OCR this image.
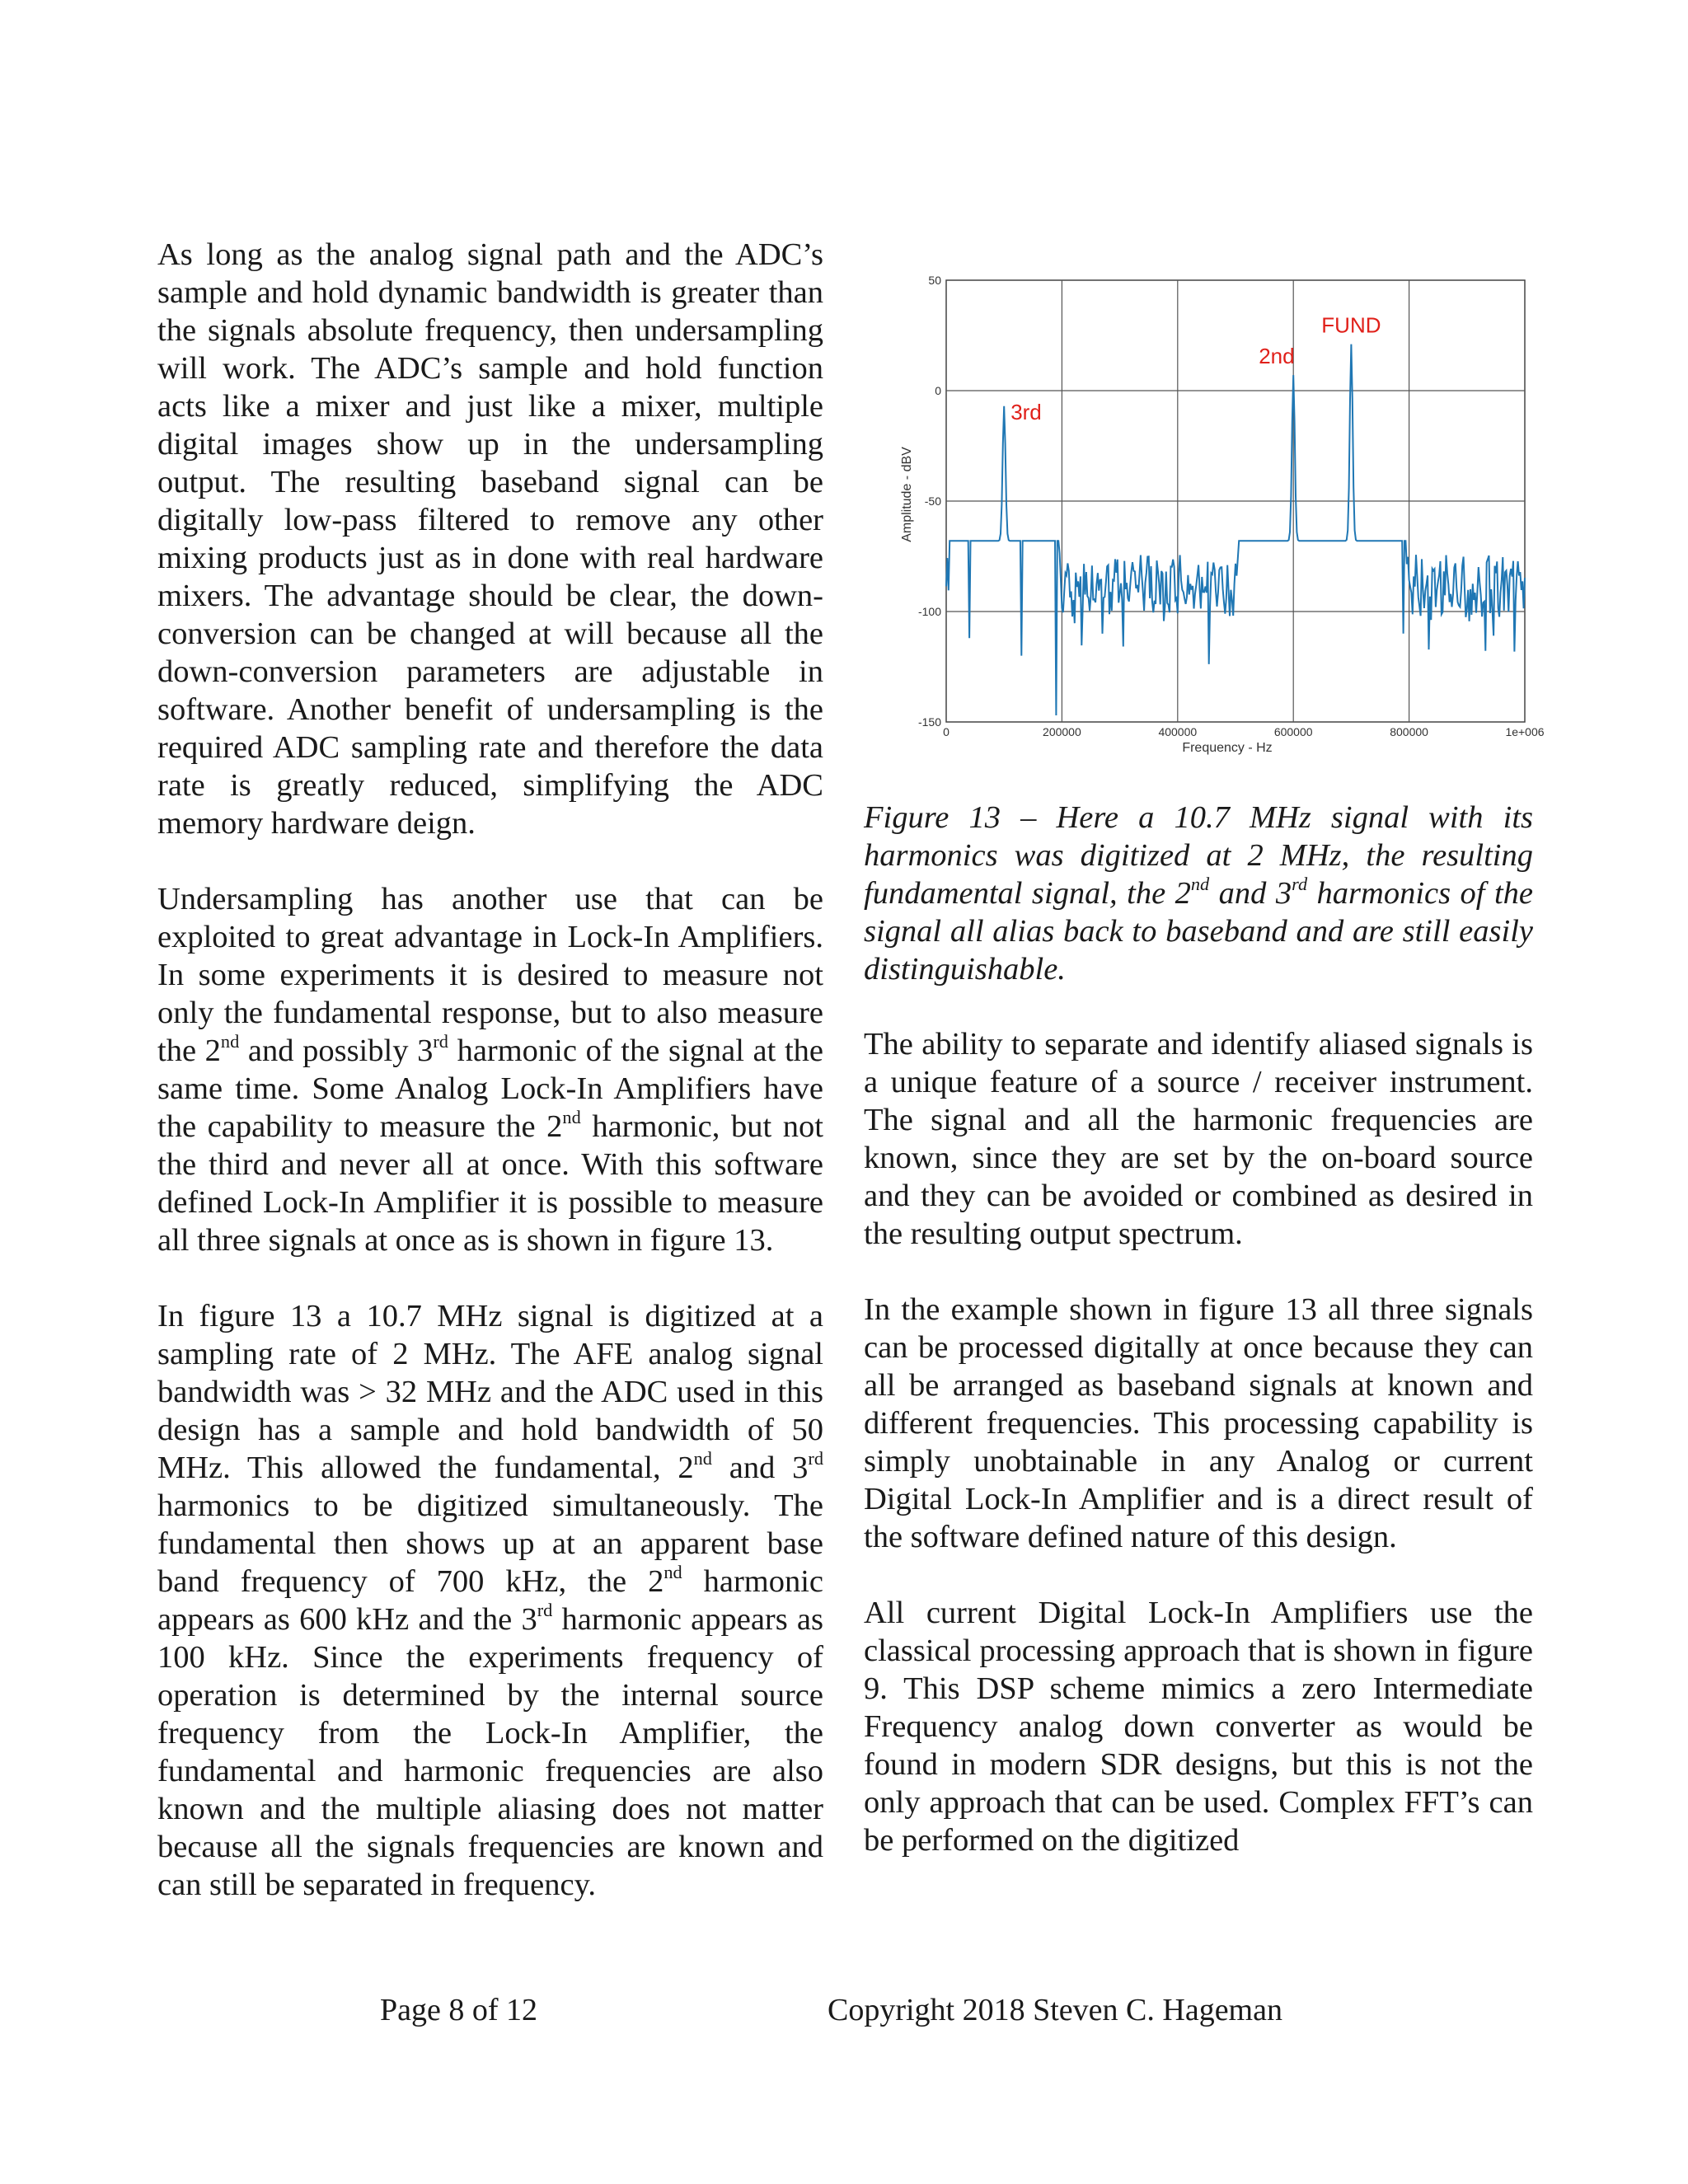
As long as the analog signal path and the ADC’s sample and hold dynamic bandwidth is greater than the signals absolute frequency, then undersampling will work. The ADC’s sample and hold function acts like a mixer and just like a mixer, multiple digital images show up in the undersampling output. The resulting baseband signal can be digitally low-pass filtered to remove any other mixing products just as in done with real hardware mixers. The advantage should be clear, the down-conversion can be changed at will because all the down-conversion parameters are adjustable in software. Another benefit of undersampling is the required ADC sampling rate and therefore the data rate is greatly reduced, simplifying the ADC memory hardware deign.

Undersampling has another use that can be exploited to great advantage in Lock-In Amplifiers. In some experiments it is desired to measure not only the fundamental response, but to also measure the 2nd and possibly 3rd harmonic of the signal at the same time. Some Analog Lock-In Amplifiers have the capability to measure the 2nd harmonic, but not the third and never all at once. With this software defined Lock-In Amplifier it is possible to measure all three signals at once as is shown in figure 13.

In figure 13 a 10.7 MHz signal is digitized at a sampling rate of 2 MHz. The AFE analog signal bandwidth was > 32 MHz and the ADC used in this design has a sample and hold bandwidth of 50 MHz. This allowed the fundamental, 2nd and 3rd harmonics to be digitized simultaneously. The fundamental then shows up at an apparent base band frequency of 700 kHz, the 2nd harmonic appears as 600 kHz and the 3rd harmonic appears as 100 kHz. Since the experiments frequency of operation is determined by the internal source frequency from the Lock-In Amplifier, the fundamental and harmonic frequencies are also known and the multiple aliasing does not matter because all the signals frequencies are known and can still be separated in frequency.

0	200000	400000	600000	800000	1e+006
50
0
-50
-100
-150
3rd
2nd
FUND
Frequency - Hz
Amplitude - dBV

Figure 13 – Here a 10.7 MHz signal with its harmonics was digitized at 2 MHz, the resulting fundamental signal, the 2nd and 3rd harmonics of the signal all alias back to baseband and are still easily distinguishable.

The ability to separate and identify aliased signals is a unique feature of a source / receiver instrument. The signal and all the harmonic frequencies are known, since they are set by the on-board source and they can be avoided or combined as desired in the resulting output spectrum.

In the example shown in figure 13 all three signals can be processed digitally at once because they can all be arranged as baseband signals at known and different frequencies. This processing capability is simply unobtainable in any Analog or current Digital Lock-In Amplifier and is a direct result of the software defined nature of this design.

All current Digital Lock-In Amplifiers use the classical processing approach that is shown in figure 9. This DSP scheme mimics a zero Intermediate Frequency analog down converter as would be found in modern SDR designs, but this is not the only approach that can be used. Complex FFT’s can be performed on the digitized

Page 8 of 12	Copyright 2018 Steven C. Hageman
